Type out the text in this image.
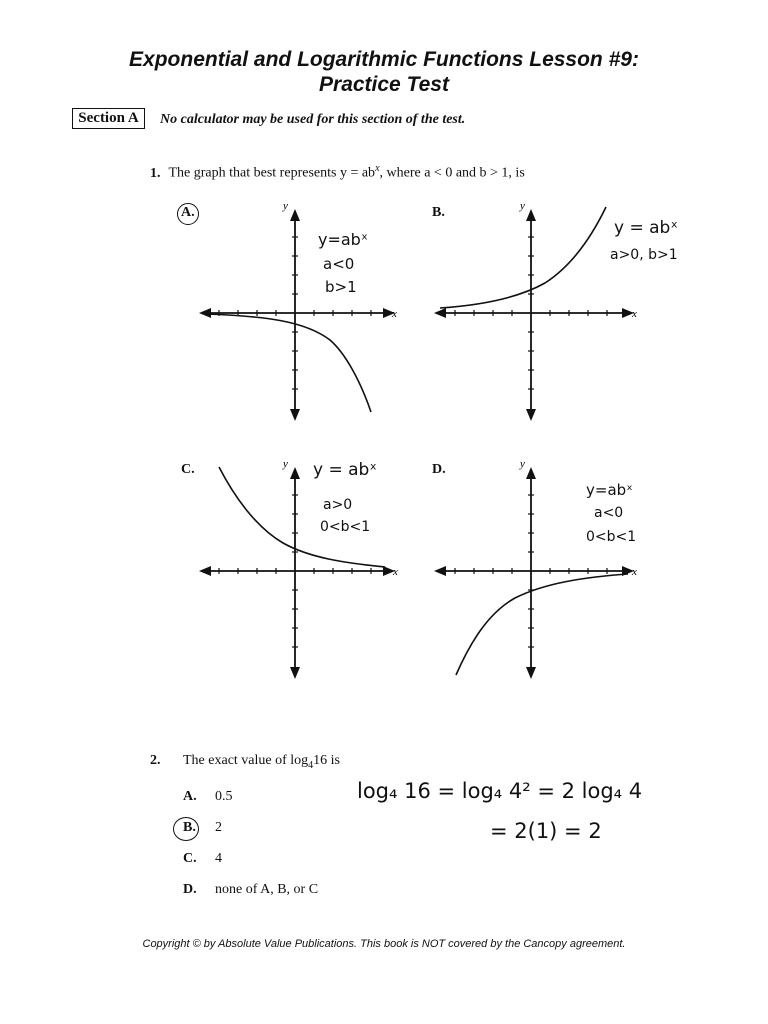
Exponential and Logarithmic Functions Lesson #9:
Practice Test
Section A	No calculator may be used for this section of the test.
1. The graph that best represents $y = ab^x$, where a < 0 and b > 1, is
A.	B.
C.	D.
y
x
y=abˣ
a<0
b>1
y
x
y = abˣ
a>0, b>1
y
x
y = abˣ
a>0
0<b<1
y
x
y=abˣ
a<0
0<b<1
2. The exact value of $\log_416$ is
A. 0.5
B. 2
C. 4
D. none of A, B, or C
log₄ 16 = log₄ 4² = 2 log₄ 4
= 2(1) = 2
Copyright © by Absolute Value Publications. This book is NOT covered by the Cancopy agreement.
